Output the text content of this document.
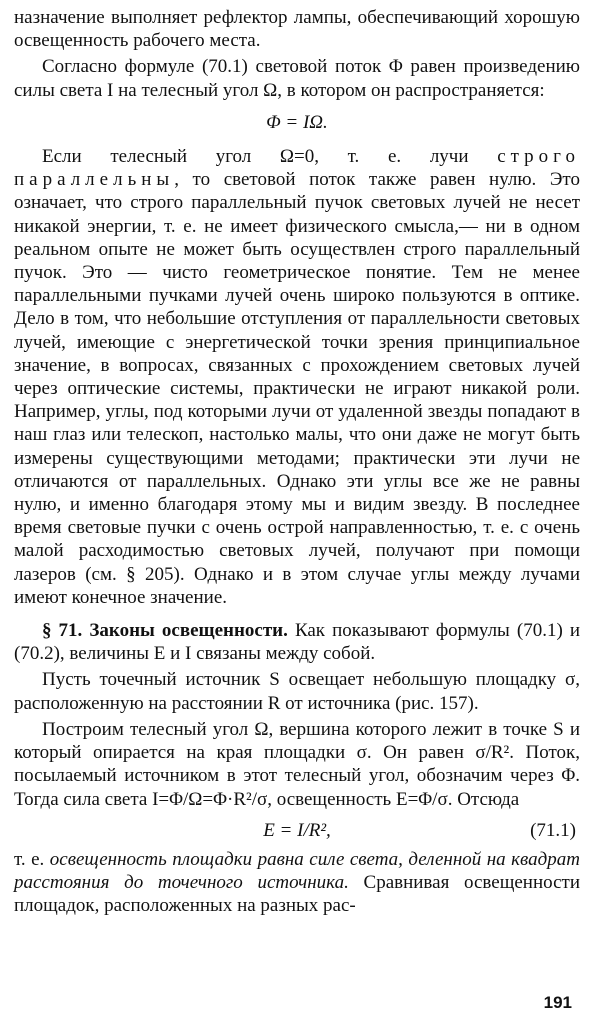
назначение выполняет рефлектор лампы, обеспечивающий хорошую освещенность рабочего места.

Согласно формуле (70.1) световой поток Φ равен произведению силы света I на телесный угол Ω, в котором он распространяется:

Φ = IΩ.

Если телесный угол Ω=0, т. е. лучи строго параллельны, то световой поток также равен нулю. Это означает, что строго параллельный пучок световых лучей не несет никакой энергии, т. е. не имеет физического смысла,— ни в одном реальном опыте не может быть осуществлен строго параллельный пучок. Это — чисто геометрическое понятие. Тем не менее параллельными пучками лучей очень широко пользуются в оптике. Дело в том, что небольшие отступления от параллельности световых лучей, имеющие с энергетической точки зрения принципиальное значение, в вопросах, связанных с прохождением световых лучей через оптические системы, практически не играют никакой роли. Например, углы, под которыми лучи от удаленной звезды попадают в наш глаз или телескоп, настолько малы, что они даже не могут быть измерены существующими методами; практически эти лучи не отличаются от параллельных. Однако эти углы все же не равны нулю, и именно благодаря этому мы и видим звезду. В последнее время световые пучки с очень острой направленностью, т. е. с очень малой расходимостью световых лучей, получают при помощи лазеров (см. § 205). Однако и в этом случае углы между лучами имеют конечное значение.

§ 71. Законы освещенности. Как показывают формулы (70.1) и (70.2), величины E и I связаны между собой.

Пусть точечный источник S освещает небольшую площадку σ, расположенную на расстоянии R от источника (рис. 157).

Построим телесный угол Ω, вершина которого лежит в точке S и который опирается на края площадки σ. Он равен σ/R². Поток, посылаемый источником в этот телесный угол, обозначим через Φ. Тогда сила света I=Φ/Ω=Φ·R²/σ, освещенность E=Φ/σ. Отсюда

E = I/R²,	(71.1)

т. е. освещенность площадки равна силе света, деленной на квадрат расстояния до точечного источника. Сравнивая освещенности площадок, расположенных на разных рас-

191
